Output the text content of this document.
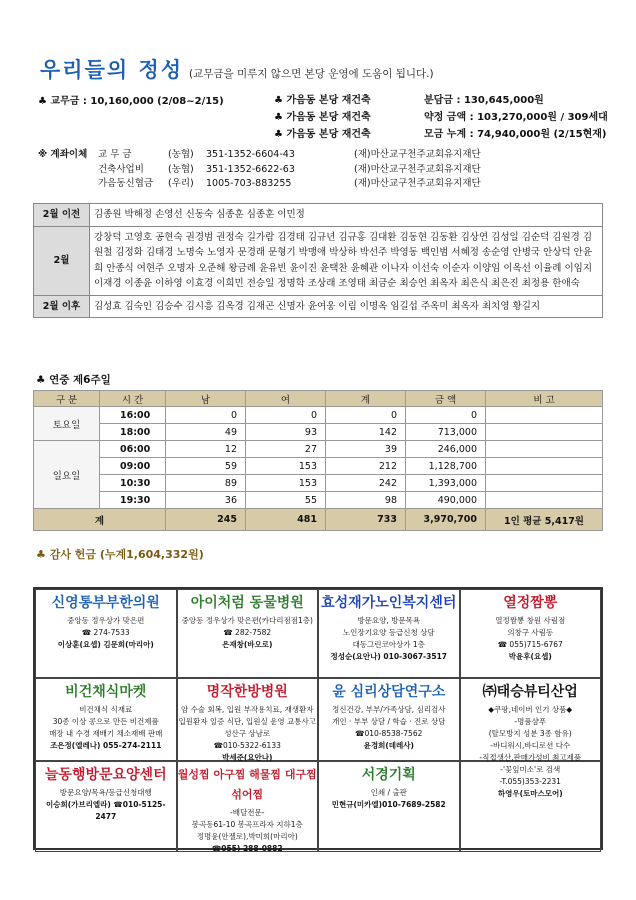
우리들의 정성 (교무금을 미루지 않으면 본당 운영에 도움이 됩니다.)
♣ 교무금 : 10,160,000 (2/08~2/15)	♣ 가음동 본당 재건축	분담금 : 130,645,000원
♣ 가음동 본당 재건축	약정 금액 : 103,270,000원 / 309세대
♣ 가음동 본당 재건축	모금 누계 : 74,940,000원 (2/15현재)
※ 계좌이체	교 무 금	(농협)	351-1352-6604-43	(재)마산교구천주교회유지재단
건축사업비	(농협)	351-1352-6622-63	(재)마산교구천주교회유지재단
가음동신협금	(우리)	1005-703-883255	(재)마산교구천주교회유지재단
2월 이전	김종원 박해정 손영선 신동숙 심종훈 심종훈 이민정
2월	강창덕 고영호 공현숙 권경범 권정숙 길가람 김경태 김규년 김규홍 김대환 김동현 김동환 김상연 김성일 김순덕 김원경 김원철 김정화 김태경 노명숙 노영자 문경래 문형기 박맹애 박상하 박선주 박영동 백인범 서혜정 송순영 안병국 안상덕 안윤희 안종식 여현주 오명자 오준해 왕금례 윤유빈 윤이진 윤택찬 윤혜관 이나자 이선숙 이순자 이양임 이옥선 이율례 이임지 이재경 이종윤 이하영 이효경 이희민 전승일 정명학 조상래 조영태 최금순 최승언 최옥자 최은식 최은진 최정용 한애숙
2월 이후	김성효 김숙인 김승수 김시흥 김옥경 김재곤 신명자 윤여웅 이림 이명옥 임길섭 주옥미 최옥자 최치영 황길지
♣ 연중 제6주일
구 분	시 간	남	여	계	금 액	비 고
토요일	16:00	0	0	0	0	
	18:00	49	93	142	713,000	
일요일	06:00	12	27	39	246,000	
	09:00	59	153	212	1,128,700	
	10:30	89	153	242	1,393,000	
	19:30	36	55	98	490,000	
계		245	481	733	3,970,700	1인 평균 5,417원
♣ 감사 헌금 (누계1,604,332원)
신영통부부한의원
중앙동 정우상가 맞은편
☎ 274-7533
이상훈(요셉) 김문희(마리아)
아이처럼 동물병원
중앙동 정우상가 맞은편(카다리점점1층)
☎ 282-7582
은재창(바오로)
효성재가노인복지센터
방문요양, 방문목욕
노인장기요양 등급신청 상담
대동그린코아상가 1층
정성순(요안나) 010-3067-3517
열정짬뽕
열정짬뽕 창원 사림점
의창구 사림동
☎ 055)715-6767
박윤후(요셉)
비건채식마켓
비건채식 식재료
30종 이상 콩으로 만든 비건제품
매장 내 수경 재배기 채소재배 판매
조은정(엘레나) 055-274-2111
명작한방병원
암 수술 회복, 입원 부작용치료, 재생환자
입원환자 일증 식단, 입원실 운영 교통사고
성산구 상남로
☎010-5322-6133
박세준(요안나)
윤 심리상담연구소
정신건강, 부부/가족상담, 심리검사
개인 · 부부 상담 / 학습 · 진로 상담
☎010-8538-7562
윤경희(데레사)
㈜태승뷰티산업
◆쿠팡,네이버 인기 상품◆
-명품샴푸
(탈모방지 성분 3종 함유)
-바디워시,바디로션 다수
-직접생산,판매가성비 최고제품
-'꽃잎미소'로 검색
-T.055)353-2231
하영우(토마스모어)
늘동행방문요양센터
방문요양/목욕/등급신청대행
이승희(가브리엘라) ☎010-5125-2477
월성찜 아구찜 해물찜 대구찜 섞어찜
-배달전문-
봉곡동61-10 봉곡프라자 지하1층
정명윤(안젤로),박미희(마리아)
☎055) 288-0882
서경기획
인쇄 / 출판
민현규(미카엘)010-7689-2582
